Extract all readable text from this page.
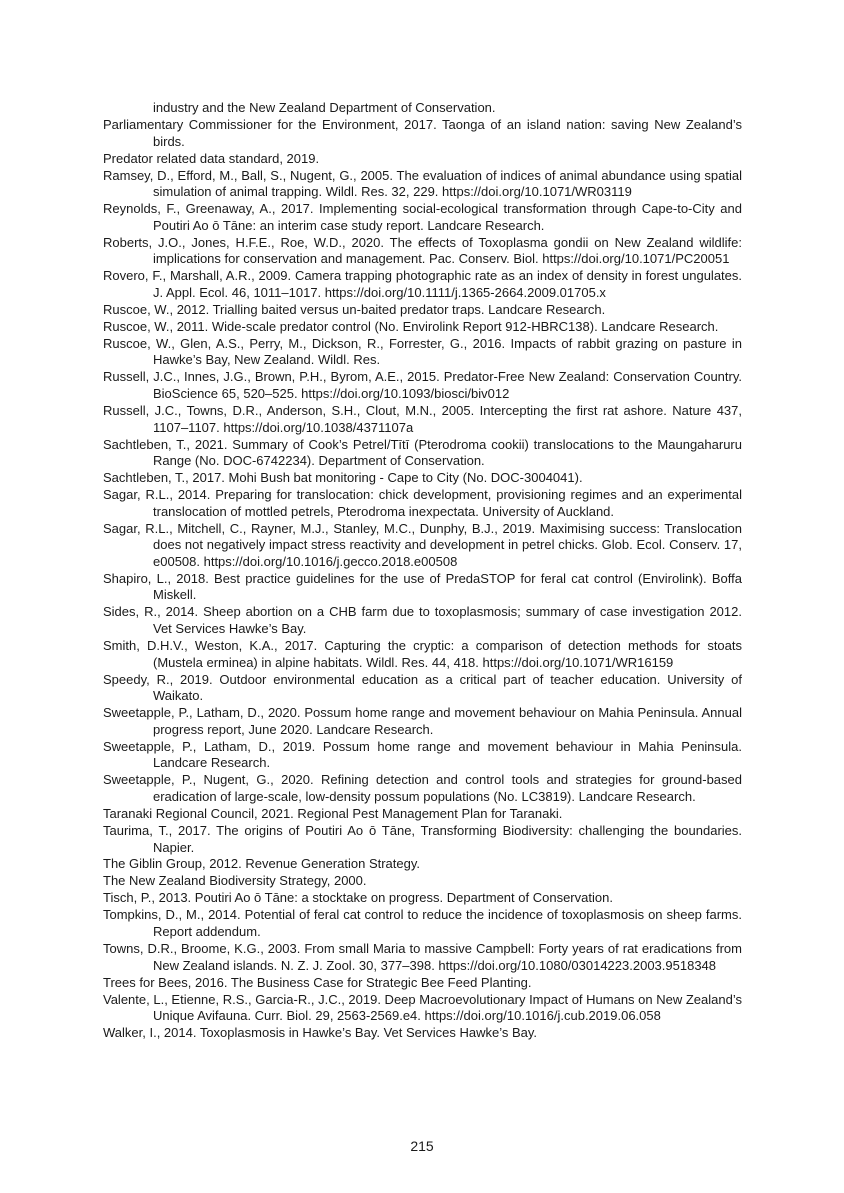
industry and the New Zealand Department of Conservation.

Parliamentary Commissioner for the Environment, 2017. Taonga of an island nation: saving New Zealand’s birds.

Predator related data standard, 2019.

Ramsey, D., Efford, M., Ball, S., Nugent, G., 2005. The evaluation of indices of animal abundance using spatial simulation of animal trapping. Wildl. Res. 32, 229. https://doi.org/10.1071/WR03119

Reynolds, F., Greenaway, A., 2017. Implementing social-ecological transformation through Cape-to-City and Poutiri Ao ō Tāne: an interim case study report. Landcare Research.

Roberts, J.O., Jones, H.F.E., Roe, W.D., 2020. The effects of Toxoplasma gondii on New Zealand wildlife: implications for conservation and management. Pac. Conserv. Biol. https://doi.org/10.1071/PC20051

Rovero, F., Marshall, A.R., 2009. Camera trapping photographic rate as an index of density in forest ungulates. J. Appl. Ecol. 46, 1011–1017. https://doi.org/10.1111/j.1365-2664.2009.01705.x

Ruscoe, W., 2012. Trialling baited versus un-baited predator traps. Landcare Research.

Ruscoe, W., 2011. Wide-scale predator control (No. Envirolink Report 912-HBRC138). Landcare Research.

Ruscoe, W., Glen, A.S., Perry, M., Dickson, R., Forrester, G., 2016. Impacts of rabbit grazing on pasture in Hawke’s Bay, New Zealand. Wildl. Res.

Russell, J.C., Innes, J.G., Brown, P.H., Byrom, A.E., 2015. Predator-Free New Zealand: Conservation Country. BioScience 65, 520–525. https://doi.org/10.1093/biosci/biv012

Russell, J.C., Towns, D.R., Anderson, S.H., Clout, M.N., 2005. Intercepting the first rat ashore. Nature 437, 1107–1107. https://doi.org/10.1038/4371107a

Sachtleben, T., 2021. Summary of Cook’s Petrel/Tītī (Pterodroma cookii) translocations to the Maungaharuru Range (No. DOC-6742234). Department of Conservation.

Sachtleben, T., 2017. Mohi Bush bat monitoring - Cape to City (No. DOC-3004041).

Sagar, R.L., 2014. Preparing for translocation: chick development, provisioning regimes and an experimental translocation of mottled petrels, Pterodroma inexpectata. University of Auckland.

Sagar, R.L., Mitchell, C., Rayner, M.J., Stanley, M.C., Dunphy, B.J., 2019. Maximising success: Translocation does not negatively impact stress reactivity and development in petrel chicks. Glob. Ecol. Conserv. 17, e00508. https://doi.org/10.1016/j.gecco.2018.e00508

Shapiro, L., 2018. Best practice guidelines for the use of PredaSTOP for feral cat control (Envirolink). Boffa Miskell.

Sides, R., 2014. Sheep abortion on a CHB farm due to toxoplasmosis; summary of case investigation 2012. Vet Services Hawke’s Bay.

Smith, D.H.V., Weston, K.A., 2017. Capturing the cryptic: a comparison of detection methods for stoats (Mustela erminea) in alpine habitats. Wildl. Res. 44, 418. https://doi.org/10.1071/WR16159

Speedy, R., 2019. Outdoor environmental education as a critical part of teacher education. University of Waikato.

Sweetapple, P., Latham, D., 2020. Possum home range and movement behaviour on Mahia Peninsula. Annual progress report, June 2020. Landcare Research.

Sweetapple, P., Latham, D., 2019. Possum home range and movement behaviour in Mahia Peninsula. Landcare Research.

Sweetapple, P., Nugent, G., 2020. Refining detection and control tools and strategies for ground-based eradication of large-scale, low-density possum populations (No. LC3819). Landcare Research.

Taranaki Regional Council, 2021. Regional Pest Management Plan for Taranaki.

Taurima, T., 2017. The origins of Poutiri Ao ō Tāne, Transforming Biodiversity: challenging the boundaries. Napier.

The Giblin Group, 2012. Revenue Generation Strategy.

The New Zealand Biodiversity Strategy, 2000.

Tisch, P., 2013. Poutiri Ao ō Tāne: a stocktake on progress. Department of Conservation.

Tompkins, D., M., 2014. Potential of feral cat control to reduce the incidence of toxoplasmosis on sheep farms. Report addendum.

Towns, D.R., Broome, K.G., 2003. From small Maria to massive Campbell: Forty years of rat eradications from New Zealand islands. N. Z. J. Zool. 30, 377–398. https://doi.org/10.1080/03014223.2003.9518348

Trees for Bees, 2016. The Business Case for Strategic Bee Feed Planting.

Valente, L., Etienne, R.S., Garcia-R., J.C., 2019. Deep Macroevolutionary Impact of Humans on New Zealand’s Unique Avifauna. Curr. Biol. 29, 2563-2569.e4. https://doi.org/10.1016/j.cub.2019.06.058

Walker, I., 2014. Toxoplasmosis in Hawke’s Bay. Vet Services Hawke’s Bay.

215
